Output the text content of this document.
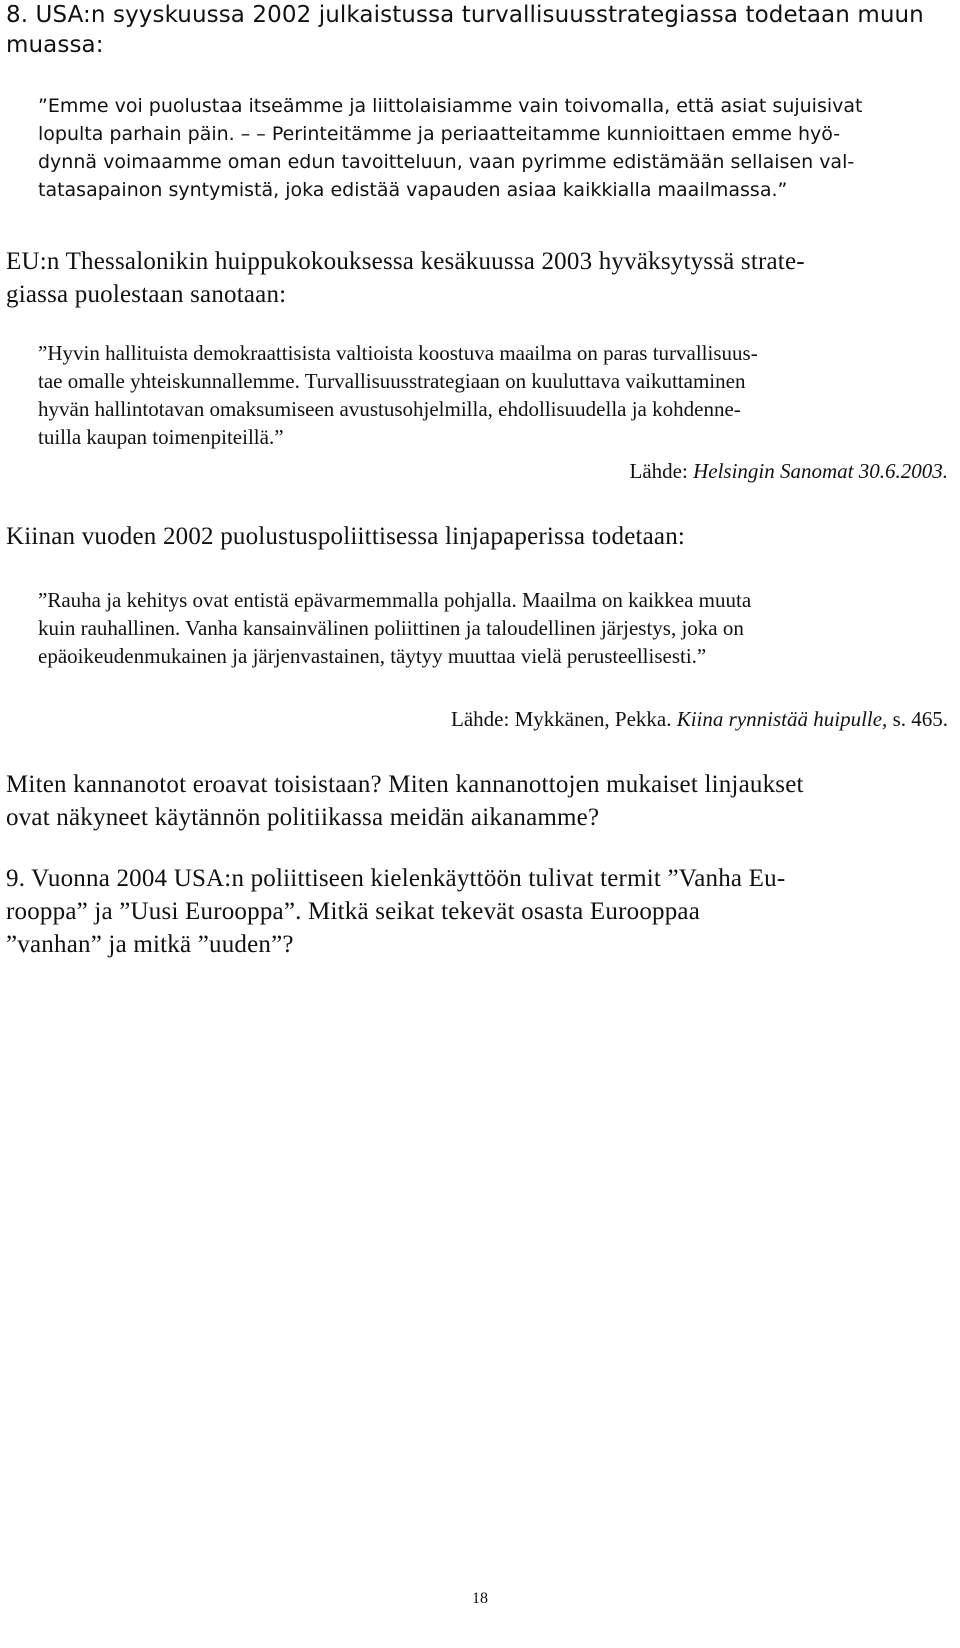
8. USA:n syyskuussa 2002 julkaistussa turvallisuusstrategiassa todetaan muun
muassa:
”Emme voi puolustaa itseämme ja liittolaisiamme vain toivomalla, että asiat sujuisivat
lopulta parhain päin. – – Perinteitämme ja periaatteitamme kunnioittaen emme hyö-
dynnä voimaamme oman edun tavoitteluun, vaan pyrimme edistämään sellaisen val-
tatasapainon syntymistä, joka edistää vapauden asiaa kaikkialla maailmassa.”
EU:n Thessalonikin huippukokouksessa kesäkuussa 2003 hyväksytyssä strate-
giassa puolestaan sanotaan:
”Hyvin hallituista demokraattisista valtioista koostuva maailma on paras turvallisuus-
tae omalle yhteiskunnallemme. Turvallisuusstrategiaan on kuuluttava vaikuttaminen
hyvän hallintotavan omaksumiseen avustusohjelmilla, ehdollisuudella ja kohdenne-
tuilla kaupan toimenpiteillä.”
Lähde: Helsingin Sanomat 30.6.2003.
Kiinan vuoden 2002 puolustuspoliittisessa linjapaperissa todetaan:
”Rauha ja kehitys ovat entistä epävarmemmalla pohjalla. Maailma on kaikkea muuta
kuin rauhallinen. Vanha kansainvälinen poliittinen ja taloudellinen järjestys, joka on
epäoikeudenmukainen ja järjenvastainen, täytyy muuttaa vielä perusteellisesti.”
Lähde: Mykkänen, Pekka. Kiina rynnistää huipulle, s. 465.
Miten kannanotot eroavat toisistaan? Miten kannanottojen mukaiset linjaukset
ovat näkyneet käytännön politiikassa meidän aikanamme?
9. Vuonna 2004 USA:n poliittiseen kielenkäyttöön tulivat termit ”Vanha Eu-
rooppa” ja ”Uusi Eurooppa”. Mitkä seikat tekevät osasta Eurooppaa
”vanhan” ja mitkä ”uuden”?
18
